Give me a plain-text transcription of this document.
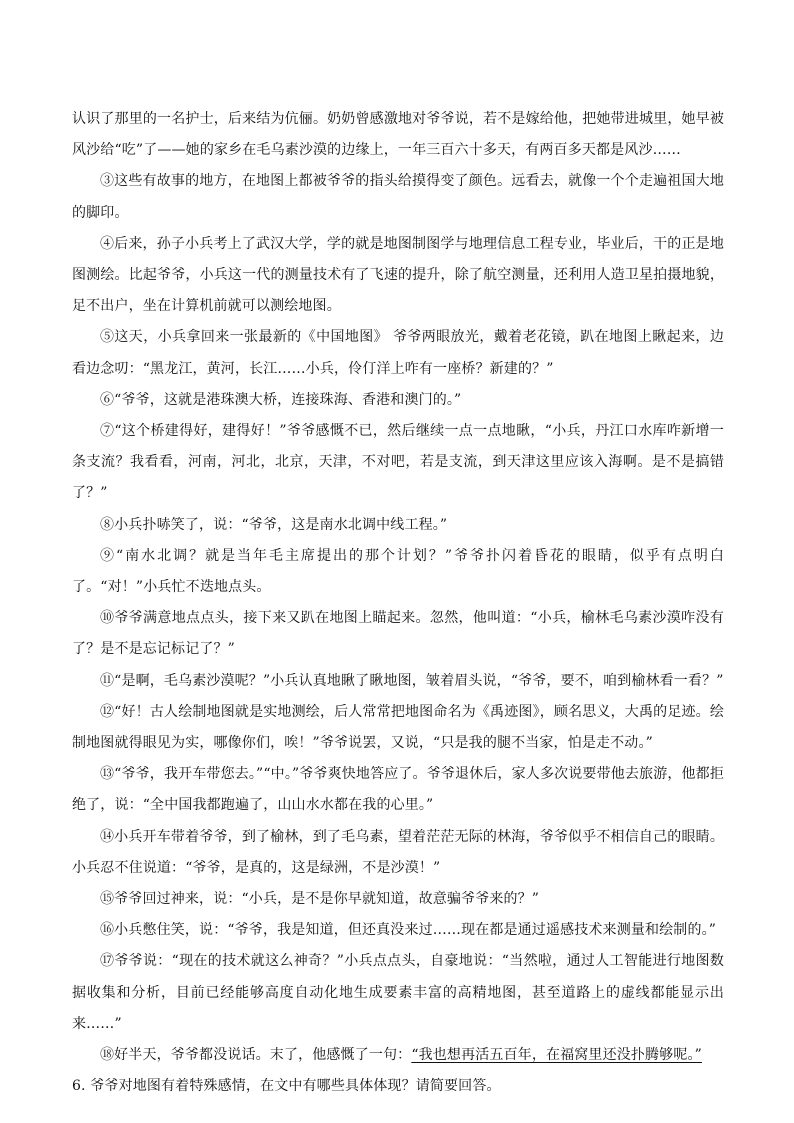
认识了那里的一名护士，后来结为伉俪。奶奶曾感激地对爷爷说，若不是嫁给他，把她带进城里，她早被风沙给“吃”了——她的家乡在毛乌素沙漠的边缘上，一年三百六十多天，有两百多天都是风沙……

③这些有故事的地方，在地图上都被爷爷的指头给摸得变了颜色。远看去，就像一个个走遍祖国大地的脚印。

④后来，孙子小兵考上了武汉大学，学的就是地图制图学与地理信息工程专业，毕业后，干的正是地图测绘。比起爷爷，小兵这一代的测量技术有了飞速的提升，除了航空测量，还利用人造卫星拍摄地貌，足不出户，坐在计算机前就可以测绘地图。

⑤这天，小兵拿回来一张最新的《中国地图》 爷爷两眼放光，戴着老花镜，趴在地图上瞅起来，边看边念叨：“黑龙江，黄河，长江……小兵，伶仃洋上咋有一座桥？新建的？”

⑥“爷爷，这就是港珠澳大桥，连接珠海、香港和澳门的。”

⑦“这个桥建得好，建得好！”爷爷感慨不已，然后继续一点一点地瞅，“小兵，丹江口水库咋新增一条支流？我看看，河南，河北，北京，天津，不对吧，若是支流，到天津这里应该入海啊。是不是搞错了？”

⑧小兵扑哧笑了，说：“爷爷，这是南水北调中线工程。”

⑨“南水北调？就是当年毛主席提出的那个计划？”爷爷扑闪着昏花的眼睛，似乎有点明白了。“对！”小兵忙不迭地点头。

⑩爷爷满意地点点头，接下来又趴在地图上瞄起来。忽然，他叫道：“小兵，榆林毛乌素沙漠咋没有了？是不是忘记标记了？”

⑪“是啊，毛乌素沙漠呢？”小兵认真地瞅了瞅地图，皱着眉头说，“爷爷，要不，咱到榆林看一看？”

⑫“好！古人绘制地图就是实地测绘，后人常常把地图命名为《禹迹图》，顾名思义，大禹的足迹。绘制地图就得眼见为实，哪像你们，唉！”爷爷说罢，又说，“只是我的腿不当家，怕是走不动。”

⑬“爷爷，我开车带您去。”“中。”爷爷爽快地答应了。爷爷退休后，家人多次说要带他去旅游，他都拒绝了，说：“全中国我都跑遍了，山山水水都在我的心里。”

⑭小兵开车带着爷爷，到了榆林，到了毛乌素，望着茫茫无际的林海，爷爷似乎不相信自己的眼睛。小兵忍不住说道：“爷爷，是真的，这是绿洲，不是沙漠！”

⑮爷爷回过神来，说：“小兵，是不是你早就知道，故意骗爷爷来的？”

⑯小兵憋住笑，说：“爷爷，我是知道，但还真没来过……现在都是通过遥感技术来测量和绘制的。”

⑰爷爷说：“现在的技术就这么神奇？”小兵点点头，自豪地说：“当然啦，通过人工智能进行地图数据收集和分析，目前已经能够高度自动化地生成要素丰富的高精地图，甚至道路上的虚线都能显示出来……”

⑱好半天，爷爷都没说话。末了，他感慨了一句：“我也想再活五百年，在福窝里还没扑腾够呢。”

6. 爷爷对地图有着特殊感情，在文中有哪些具体体现？请简要回答。
